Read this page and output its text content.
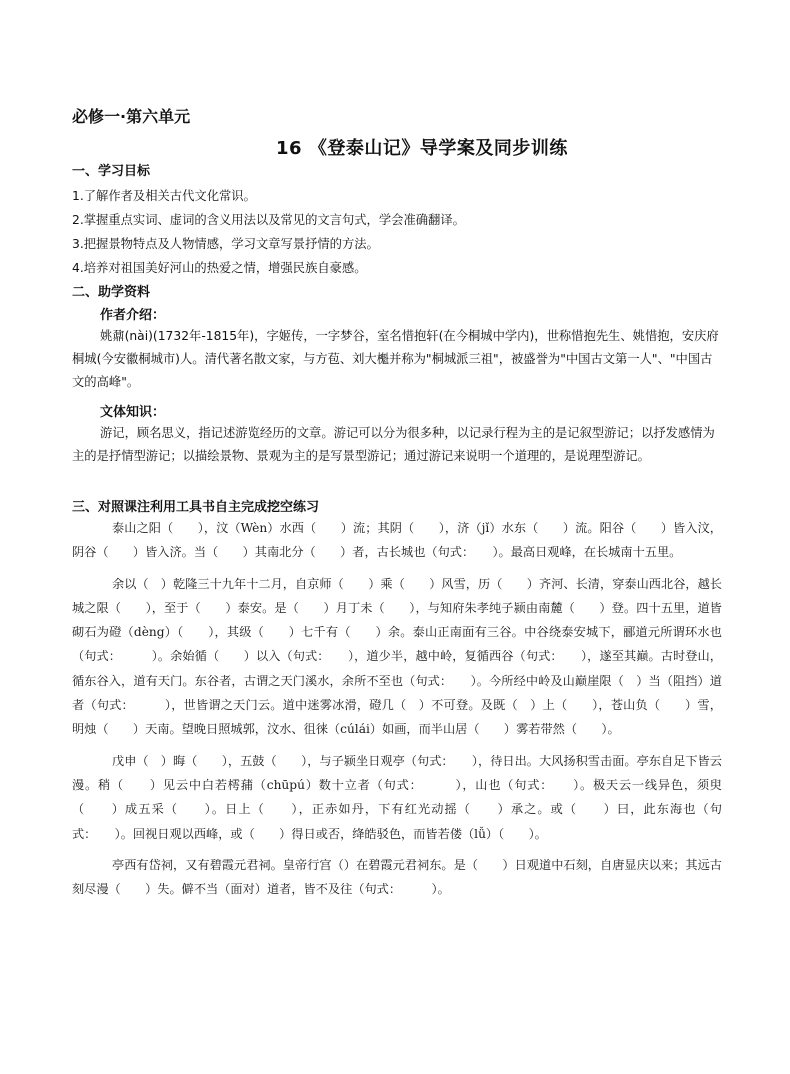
必修一·第六单元
16 《登泰山记》导学案及同步训练
一、学习目标
1.了解作者及相关古代文化常识。
2.掌握重点实词、虚词的含义用法以及常见的文言句式，学会准确翻译。
3.把握景物特点及人物情感，学习文章写景抒情的方法。
4.培养对祖国美好河山的热爱之情，增强民族自豪感。
二、助学资料
作者介绍：
姚鼐(nài)(1732年-1815年)，字姬传，一字梦谷，室名惜抱轩(在今桐城中学内)，世称惜抱先生、姚惜抱，安庆府桐城(今安徽桐城市)人。清代著名散文家，与方苞、刘大櫆并称为"桐城派三祖"，被盛誉为"中国古文第一人"、"中国古文的高峰"。
文体知识：
游记，顾名思义，指记述游览经历的文章。游记可以分为很多种，以记录行程为主的是记叙型游记；以抒发感情为主的是抒情型游记；以描绘景物、景观为主的是写景型游记；通过游记来说明一个道理的，是说理型游记。
三、对照课注利用工具书自主完成挖空练习

泰山之阳（　　），汶（Wèn）水西（　　）流；其阴（　　），济（jǐ）水东（　　）流。阳谷（　　）皆入汶，阴谷（　　）皆入济。当（　　）其南北分（　　）者，古长城也（句式：　　）。最高日观峰，在长城南十五里。

余以（　）乾隆三十九年十二月，自京师（　　）乘（　　）风雪，历（　　）齐河、长清，穿泰山西北谷，越长城之限（　　），至于（　　）泰安。是（　　）月丁未（　　），与知府朱孝纯子颍由南麓（　　）登。四十五里，道皆砌石为磴（dèng）（　　），其级（　　）七千有（　　）余。泰山正南面有三谷。中谷绕泰安城下，郦道元所谓环水也（句式：　　　）。余始循（　　）以入（句式：　　），道少半，越中岭，复循西谷（句式：　　），遂至其巅。古时登山，循东谷入，道有天门。东谷者，古谓之天门溪水，余所不至也（句式：　　）。今所经中岭及山巅崖限（　）当（阻挡）道者（句式：　　　），世皆谓之天门云。道中迷雾冰滑，磴几（　）不可登。及既（　）上（　　），苍山负（　　）雪，明烛（　　）天南。望晚日照城郭，汶水、徂徕（cúlái）如画，而半山居（　　）雾若带然（　　）。

戊申（　）晦（　　），五鼓（　　），与子颍坐日观亭（句式：　　），待日出。大风扬积雪击面。亭东自足下皆云漫。稍（　　）见云中白若樗蒱（chūpú）数十立者（句式：　　　），山也（句式：　　）。极天云一线异色，须臾（　　）成五采（　　）。日上（　　），正赤如丹，下有红光动摇（　　）承之。或（　　）曰，此东海也（句式：　　）。回视日观以西峰，或（　　）得日或否，绛皓驳色，而皆若偻（lǚ）（　　）。

亭西有岱祠，又有碧霞元君祠。皇帝行宫（）在碧霞元君祠东。是（　　）日观道中石刻，自唐显庆以来；其远古刻尽漫（　　）失。僻不当（面对）道者，皆不及往（句式：　　　）。
